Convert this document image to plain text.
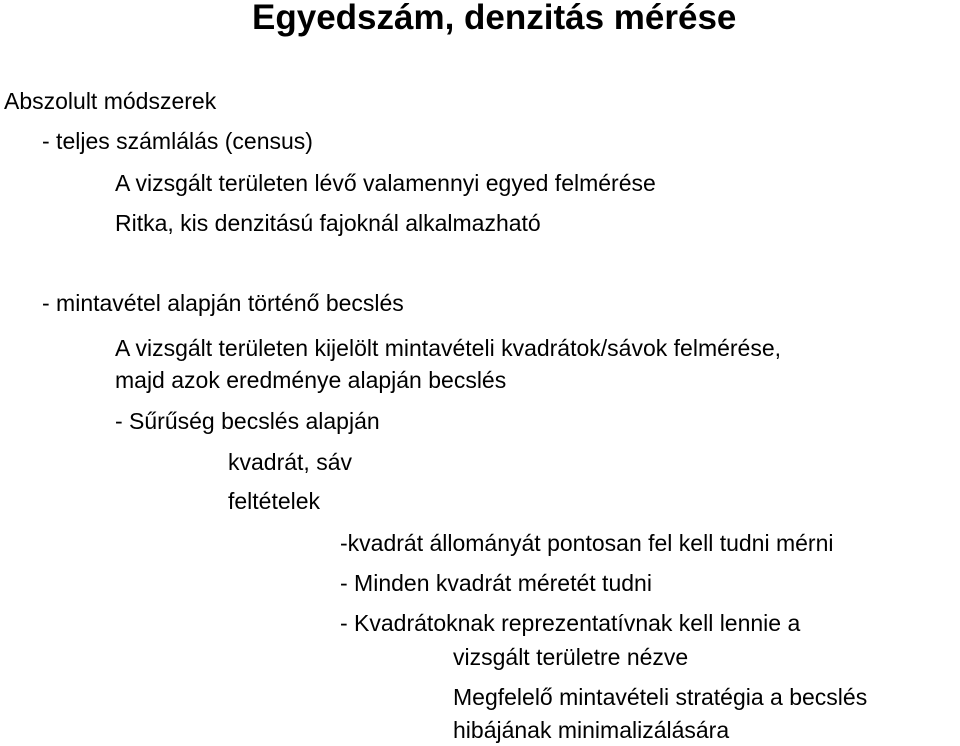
Egyedszám, denzitás mérése
Abszolult módszerek
- teljes számlálás (census)
A vizsgált területen lévő valamennyi egyed felmérése
Ritka, kis denzitású fajoknál alkalmazható
- mintavétel alapján történő becslés
A vizsgált területen kijelölt mintavételi kvadrátok/sávok felmérése,
majd azok eredménye alapján becslés
- Sűrűség becslés alapján
kvadrát, sáv
feltételek
-kvadrát állományát pontosan fel kell tudni mérni
- Minden kvadrát méretét tudni
- Kvadrátoknak reprezentatívnak kell lennie a
vizsgált területre nézve
Megfelelő mintavételi stratégia a becslés
hibájának minimalizálására
